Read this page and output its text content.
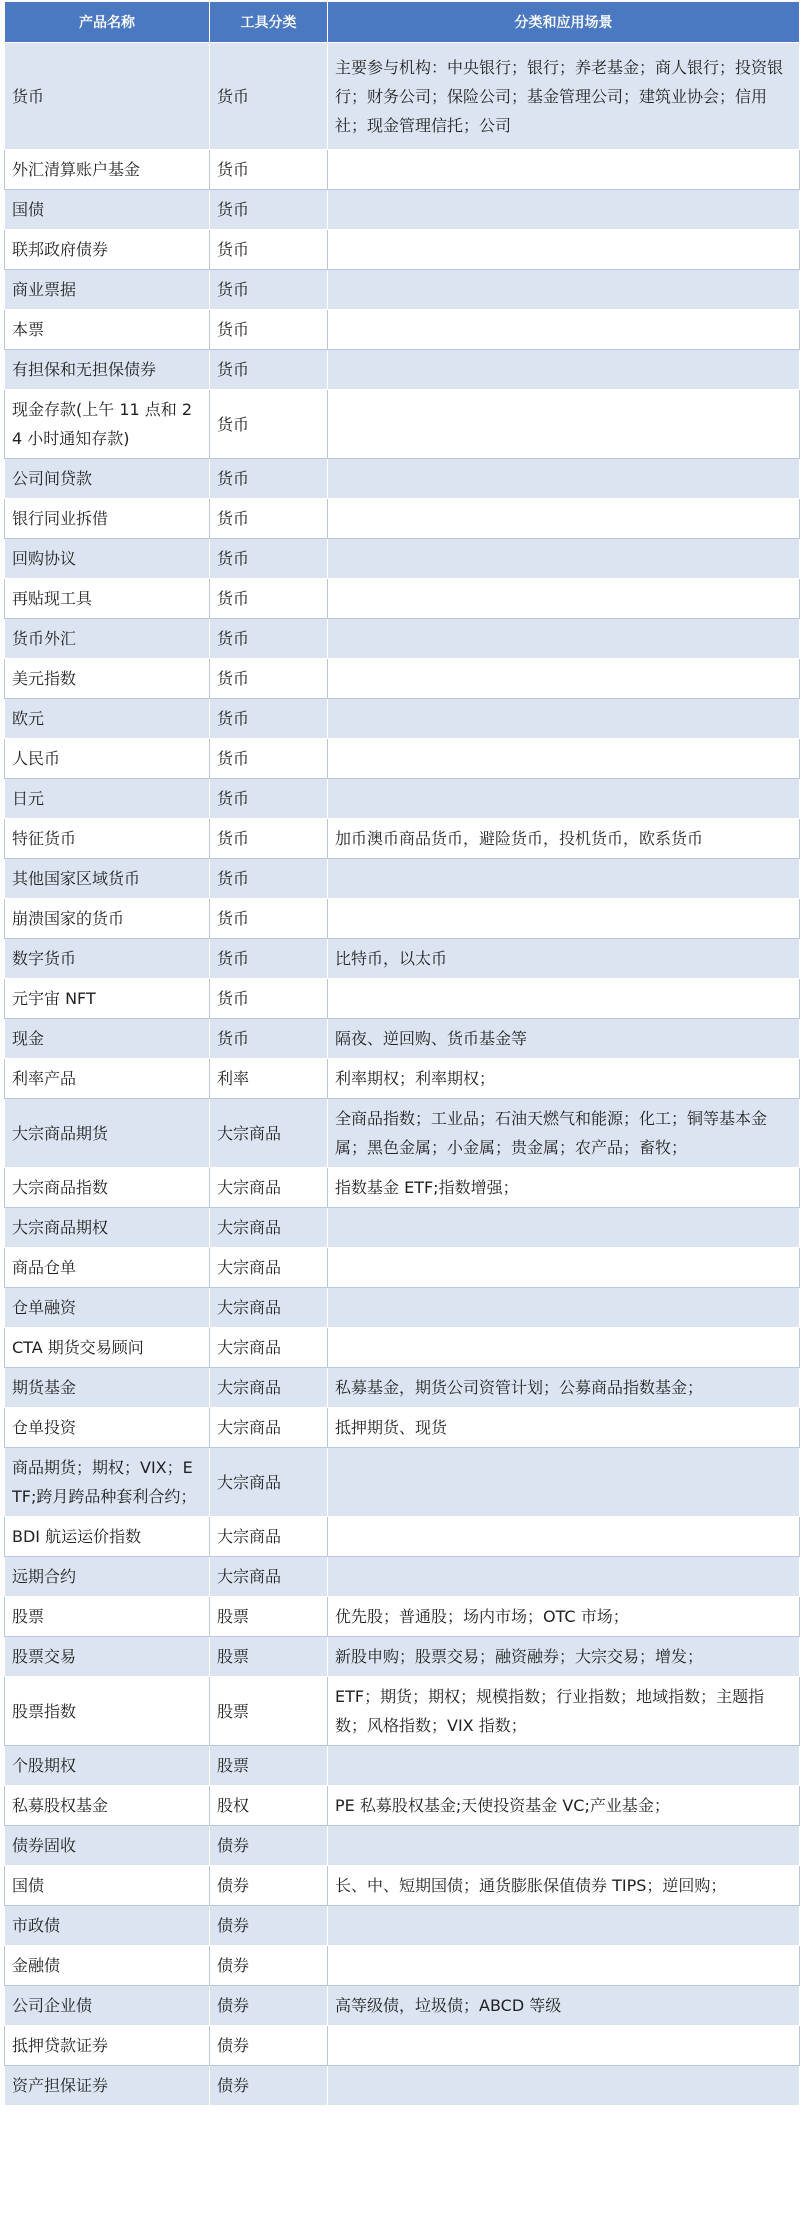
产品名称	工具分类	分类和应用场景
货币	货币	主要参与机构：中央银行；银行；养老基金；商人银行；投资银行；财务公司；保险公司；基金管理公司；建筑业协会；信用社；现金管理信托；公司
外汇清算账户基金	货币	
国债	货币	
联邦政府债券	货币	
商业票据	货币	
本票	货币	
有担保和无担保债券	货币	
现金存款(上午 11 点和 24 小时通知存款)	货币	
公司间贷款	货币	
银行同业拆借	货币	
回购协议	货币	
再贴现工具	货币	
货币外汇	货币	
美元指数	货币	
欧元	货币	
人民币	货币	
日元	货币	
特征货币	货币	加币澳币商品货币，避险货币，投机货币，欧系货币
其他国家区域货币	货币	
崩溃国家的货币	货币	
数字货币	货币	比特币，以太币
元宇宙 NFT	货币	
现金	货币	隔夜、逆回购、货币基金等
利率产品	利率	利率期权；利率期权；
大宗商品期货	大宗商品	全商品指数；工业品；石油天燃气和能源；化工；铜等基本金属；黑色金属；小金属；贵金属；农产品；畜牧；
大宗商品指数	大宗商品	指数基金 ETF;指数增强；
大宗商品期权	大宗商品	
商品仓单	大宗商品	
仓单融资	大宗商品	
CTA 期货交易顾问	大宗商品	
期货基金	大宗商品	私募基金，期货公司资管计划；公募商品指数基金；
仓单投资	大宗商品	抵押期货、现货
商品期货；期权；VIX；ETF;跨月跨品种套利合约；	大宗商品	
BDI 航运运价指数	大宗商品	
远期合约	大宗商品	
股票	股票	优先股；普通股；场内市场；OTC 市场；
股票交易	股票	新股申购；股票交易；融资融券；大宗交易；增发；
股票指数	股票	ETF；期货；期权；规模指数；行业指数；地域指数；主题指数；风格指数；VIX 指数；
个股期权	股票	
私募股权基金	股权	PE 私募股权基金;天使投资基金 VC;产业基金；
债券固收	债券	
国债	债券	长、中、短期国债；通货膨胀保值债券 TIPS；逆回购；
市政债	债券	
金融债	债券	
公司企业债	债券	高等级债，垃圾债；ABCD 等级
抵押贷款证券	债券	
资产担保证券	债券	
